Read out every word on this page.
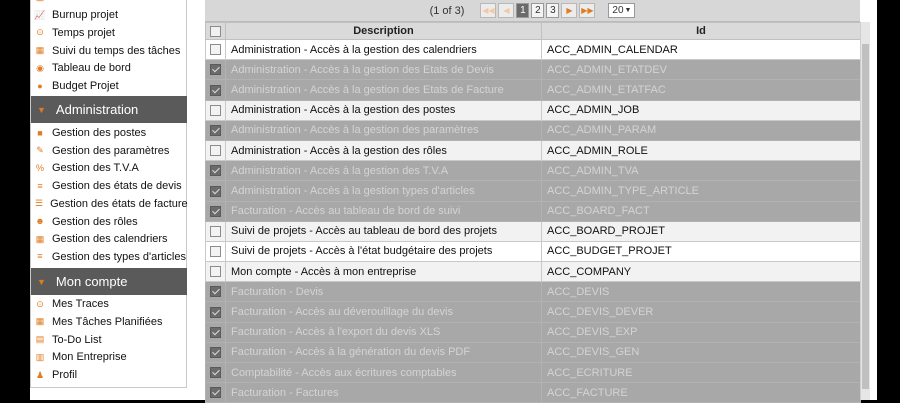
📈 Burnup projet
⊙ Temps projet
▦ Suivi du temps des tâches
◉ Tableau de bord
● Budget Projet
▼ Administration
■ Gestion des postes
✎ Gestion des paramètres
% Gestion des T.V.A
≡ Gestion des états de devis
☰ Gestion des états de facture
☻ Gestion des rôles
▦ Gestion des calendriers
≡ Gestion des types d'articles
▼ Mon compte
⊙ Mes Traces
▦ Mes Tâches Planifiées
▤ To-Do List
▥ Mon Entreprise
♟ Profil
(1 of 3) ◀◀	◀	1 2 3	▶	▶▶ 20 ▼
	Description	Id
	Administration - Accès à la gestion des calendriers	ACC_ADMIN_CALENDAR
	Administration - Accès à la gestion des Etats de Devis	ACC_ADMIN_ETATDEV
	Administration - Accès à la gestion des Etats de Facture	ACC_ADMIN_ETATFAC
	Administration - Accès à la gestion des postes	ACC_ADMIN_JOB
	Administration - Accès à la gestion des paramètres	ACC_ADMIN_PARAM
	Administration - Accès à la gestion des rôles	ACC_ADMIN_ROLE
	Administration - Accès à la gestion des T.V.A	ACC_ADMIN_TVA
	Administration - Accès à la gestion types d'articles	ACC_ADMIN_TYPE_ARTICLE
	Facturation - Accès au tableau de bord de suivi	ACC_BOARD_FACT
	Suivi de projets - Accès au tableau de bord des projets	ACC_BOARD_PROJET
	Suivi de projets - Accès à l'état budgétaire des projets	ACC_BUDGET_PROJET
	Mon compte - Accès à mon entreprise	ACC_COMPANY
	Facturation - Devis	ACC_DEVIS
	Facturation - Accès au déverouillage du devis	ACC_DEVIS_DEVER
	Facturation - Accès à l'export du devis XLS	ACC_DEVIS_EXP
	Facturation - Accès à la génération du devis PDF	ACC_DEVIS_GEN
	Comptabilité - Accès aux écritures comptables	ACC_ECRITURE
	Facturation - Factures	ACC_FACTURE
